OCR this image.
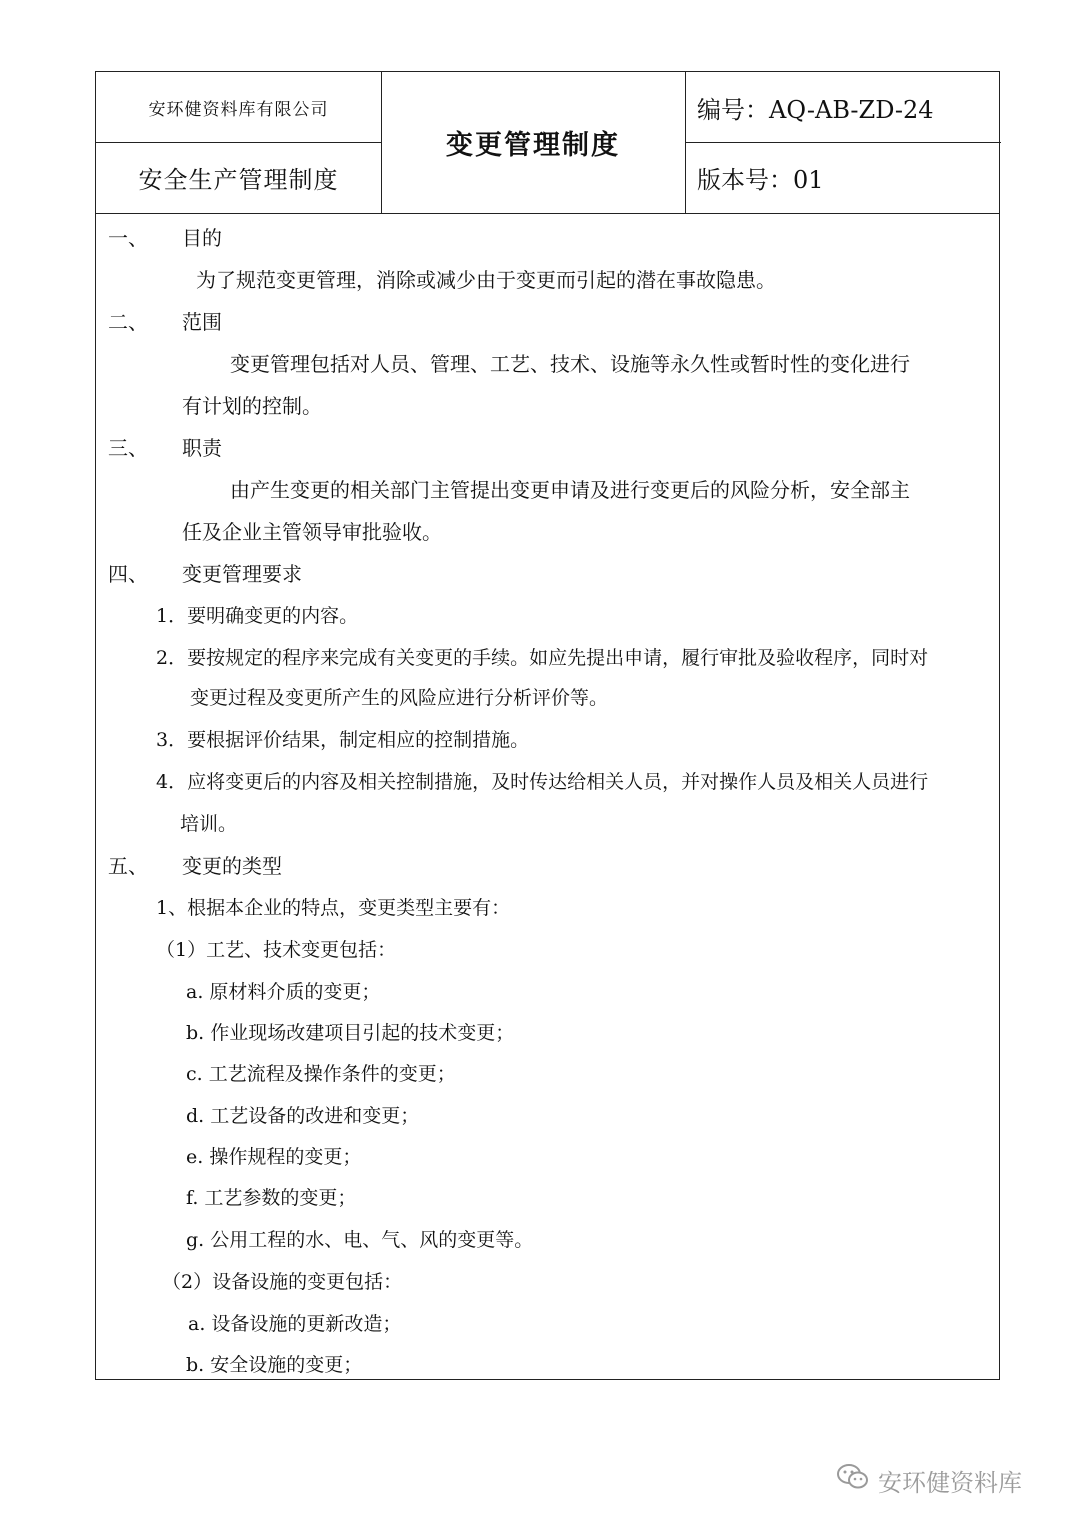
安环健资料库有限公司
安全生产管理制度
变更管理制度
编号：AQ-AB-ZD-24
版本号：01
一、 目的
为了规范变更管理，消除或减少由于变更而引起的潜在事故隐患。
二、 范围
变更管理包括对人员、管理、工艺、技术、设施等永久性或暂时性的变化进行
有计划的控制。
三、 职责
由产生变更的相关部门主管提出变更申请及进行变更后的风险分析，安全部主
任及企业主管领导审批验收。
四、 变更管理要求
1．要明确变更的内容。
2．要按规定的程序来完成有关变更的手续。如应先提出申请，履行审批及验收程序，同时对
变更过程及变更所产生的风险应进行分析评价等。
3．要根据评价结果，制定相应的控制措施。
4．应将变更后的内容及相关控制措施，及时传达给相关人员，并对操作人员及相关人员进行
培训。
五、 变更的类型
1、根据本企业的特点，变更类型主要有：
（1）工艺、技术变更包括：
a. 原材料介质的变更；
b. 作业现场改建项目引起的技术变更；
c. 工艺流程及操作条件的变更；
d. 工艺设备的改进和变更；
e. 操作规程的变更；
f. 工艺参数的变更；
g. 公用工程的水、电、气、风的变更等。
（2）设备设施的变更包括：
a. 设备设施的更新改造；
b. 安全设施的变更；
安环健资料库
